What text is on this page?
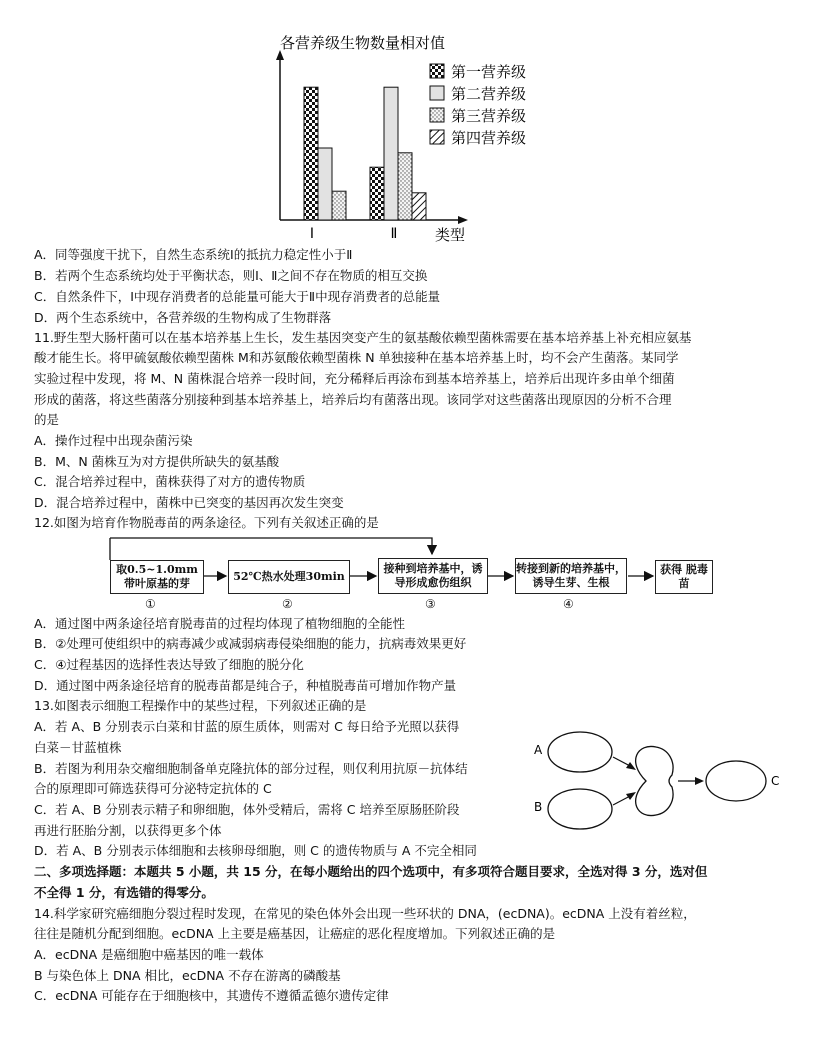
各营养级生物数量相对值
Ⅰ	Ⅱ	类型
第一营养级
第二营养级
第三营养级
第四营养级
A．同等强度干扰下，自然生态系统Ⅰ的抵抗力稳定性小于Ⅱ
B．若两个生态系统均处于平衡状态，则Ⅰ、Ⅱ之间不存在物质的相互交换
C．自然条件下，Ⅰ中现存消费者的总能量可能大于Ⅱ中现存消费者的总能量
D．两个生态系统中，各营养级的生物构成了生物群落
11.野生型大肠杆菌可以在基本培养基上生长，发生基因突变产生的氨基酸依赖型菌株需要在基本培养基上补充相应氨基
酸才能生长。将甲硫氨酸依赖型菌株 M和苏氨酸依赖型菌株 N 单独接种在基本培养基上时，均不会产生菌落。某同学
实验过程中发现，将 M、N 菌株混合培养一段时间，充分稀释后再涂布到基本培养基上，培养后出现许多由单个细菌
形成的菌落，将这些菌落分别接种到基本培养基上，培养后均有菌落出现。该同学对这些菌落出现原因的分析不合理
的是
A．操作过程中出现杂菌污染
B．M、N 菌株互为对方提供所缺失的氨基酸
C．混合培养过程中，菌株获得了对方的遗传物质
D．混合培养过程中，菌株中已突变的基因再次发生突变
12.如图为培育作物脱毒苗的两条途径。下列有关叙述正确的是
取0.5~1.0mm 带叶原基的芽
52℃热水处理30min
接种到培养基中，诱导形成愈伤组织
转接到新的培养基中，诱导生芽、生根
获得 脱毒苗
①	②	③	④
A．通过图中两条途径培育脱毒苗的过程均体现了植物细胞的全能性
B．②处理可使组织中的病毒减少或减弱病毒侵染细胞的能力，抗病毒效果更好
C．④过程基因的选择性表达导致了细胞的脱分化
D．通过图中两条途径培育的脱毒苗都是纯合子，种植脱毒苗可增加作物产量
13.如图表示细胞工程操作中的某些过程，下列叙述正确的是
A．若 A、B 分别表示白菜和甘蓝的原生质体，则需对 C 每日给予光照以获得
白菜－甘蓝植株
B．若图为利用杂交瘤细胞制备单克隆抗体的部分过程，则仅利用抗原－抗体结
合的原理即可筛选获得可分泌特定抗体的 C
C．若 A、B 分别表示精子和卵细胞，体外受精后，需将 C 培养至原肠胚阶段
再进行胚胎分割，以获得更多个体
D．若 A、B 分别表示体细胞和去核卵母细胞，则 C 的遗传物质与 A 不完全相同
A
B
C
二、多项选择题：本题共 5 小题，共 15 分，在每小题给出的四个选项中，有多项符合题目要求，全选对得 3 分，选对但
不全得 1 分，有选错的得零分。
14.科学家研究癌细胞分裂过程时发现，在常见的染色体外会出现一些环状的 DNA，(ecDNA)。ecDNA 上没有着丝粒，
往往是随机分配到细胞。ecDNA 上主要是癌基因，让癌症的恶化程度增加。下列叙述正确的是
A．ecDNA 是癌细胞中癌基因的唯一载体
B 与染色体上 DNA 相比，ecDNA 不存在游离的磷酸基
C．ecDNA 可能存在于细胞核中，其遗传不遵循孟德尔遗传定律
